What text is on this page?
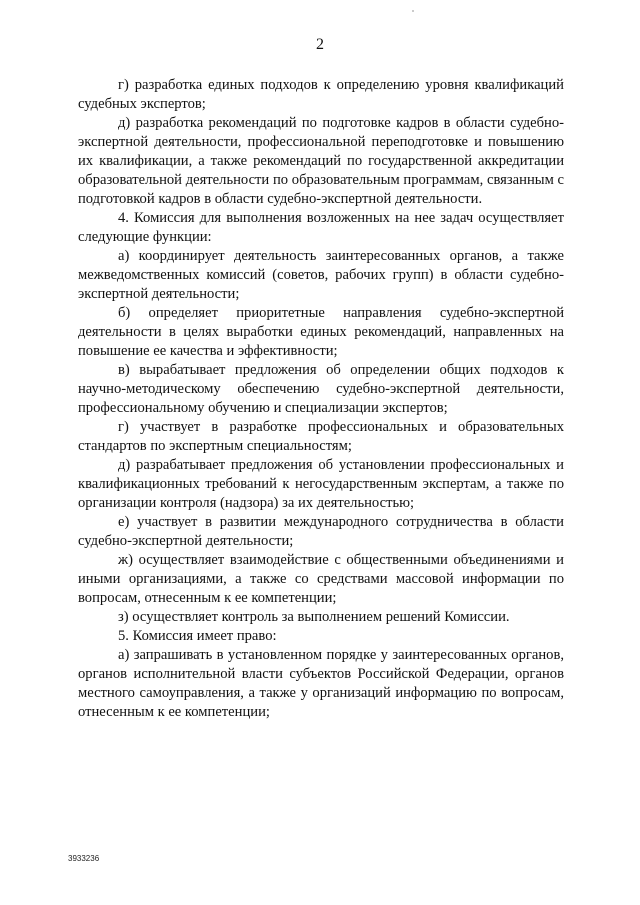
2

г) разработка единых подходов к определению уровня квалификаций судебных экспертов;

д) разработка рекомендаций по подготовке кадров в области судебно-экспертной деятельности, профессиональной переподготовке и повышению их квалификации, а также рекомендаций по государственной аккредитации образовательной деятельности по образовательным программам, связанным с подготовкой кадров в области судебно-экспертной деятельности.

4. Комиссия для выполнения возложенных на нее задач осуществляет следующие функции:

а) координирует деятельность заинтересованных органов, а также межведомственных комиссий (советов, рабочих групп) в области судебно-экспертной деятельности;

б) определяет приоритетные направления судебно-экспертной деятельности в целях выработки единых рекомендаций, направленных на повышение ее качества и эффективности;

в) вырабатывает предложения об определении общих подходов к научно-методическому обеспечению судебно-экспертной деятельности, профессиональному обучению и специализации экспертов;

г) участвует в разработке профессиональных и образовательных стандартов по экспертным специальностям;

д) разрабатывает предложения об установлении профессиональных и квалификационных требований к негосударственным экспертам, а также по организации контроля (надзора) за их деятельностью;

е) участвует в развитии международного сотрудничества в области судебно-экспертной деятельности;

ж) осуществляет взаимодействие с общественными объединениями и иными организациями, а также со средствами массовой информации по вопросам, отнесенным к ее компетенции;

з) осуществляет контроль за выполнением решений Комиссии.

5. Комиссия имеет право:

а) запрашивать в установленном порядке у заинтересованных органов, органов исполнительной власти субъектов Российской Федерации, органов местного самоуправления, а также у организаций информацию по вопросам, отнесенным к ее компетенции;

3933236
